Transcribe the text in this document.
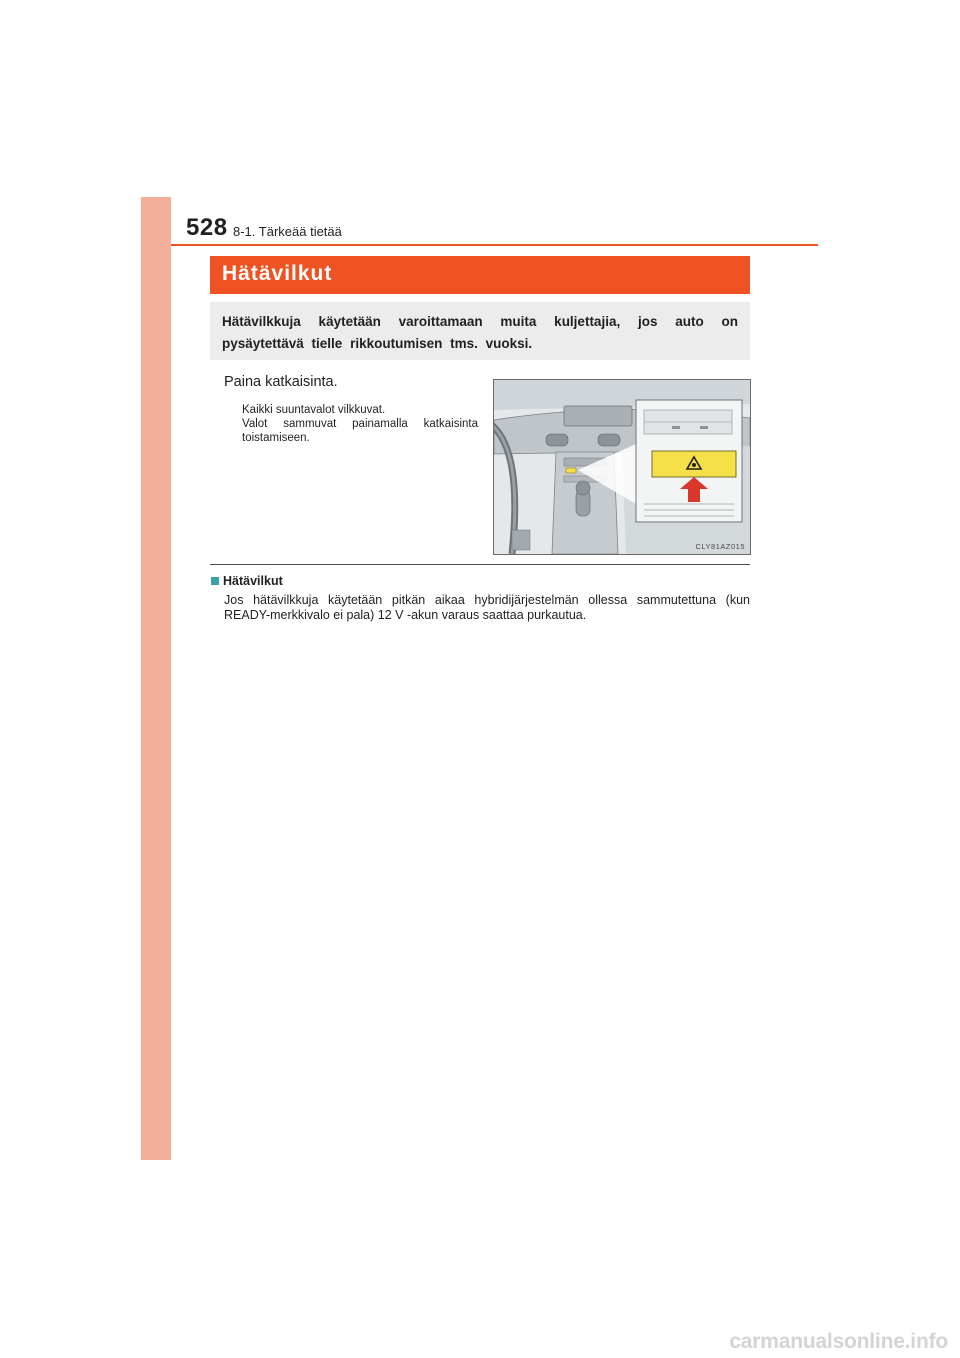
528 8-1. Tärkeää tietää
Hätävilkut
Hätävilkkuja käytetään varoittamaan muita kuljettajia, jos auto on pysäytettävä tielle rikkoutumisen tms. vuoksi.
Paina katkaisinta.
Kaikki suuntavalot vilkkuvat.
Valot sammuvat painamalla katkaisinta
toistamiseen.
CLY81AZ015
Hätävilkut
Jos hätävilkkuja käytetään pitkän aikaa hybridijärjestelmän ollessa sammutettuna (kun
READY-merkkivalo ei pala) 12 V -akun varaus saattaa purkautua.
carmanualsonline.info
